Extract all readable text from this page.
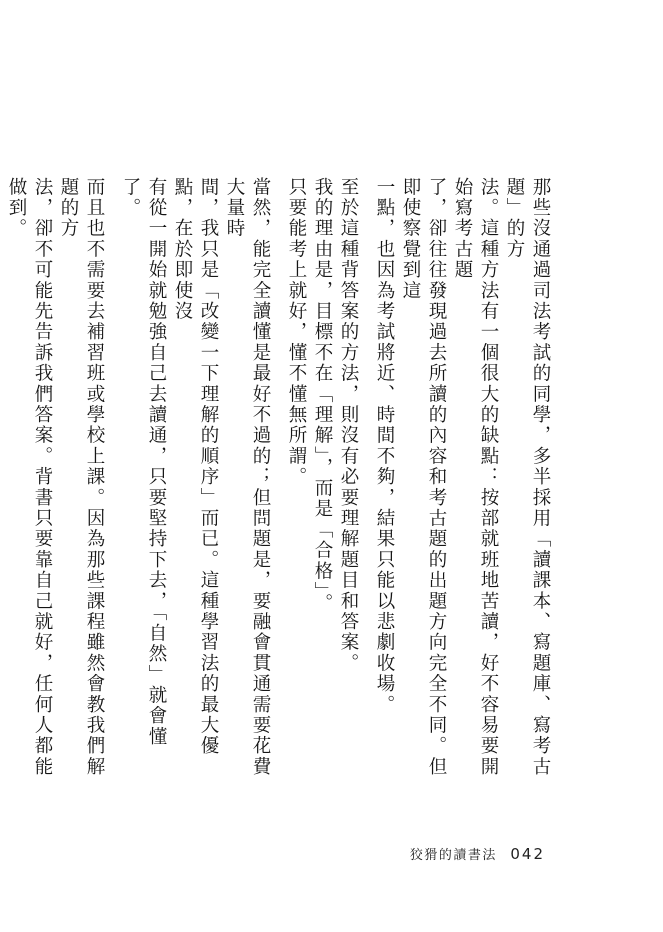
那些沒通過司法考試的同學，多半採用「讀課本、寫題庫、寫考古題」的方
法。這種方法有一個很大的缺點：按部就班地苦讀，好不容易要開始寫考古題
了，卻往往發現過去所讀的內容和考古題的出題方向完全不同。但即使察覺到這
一點，也因為考試將近、時間不夠，結果只能以悲劇收場。

至於這種背答案的方法，則沒有必要理解題目和答案。
我的理由是，目標不在「理解」，而是「合格」。
只要能考上就好，懂不懂無所謂。

當然，能完全讀懂是最好不過的；但問題是，要融會貫通需要花費大量時
間，我只是「改變一下理解的順序」而已。這種學習法的最大優點，在於即使沒
有從一開始就勉強自己去讀通，只要堅持下去，「自然」就會懂了。

而且也不需要去補習班或學校上課。因為那些課程雖然會教我們解題的方
法，卻不可能先告訴我們答案。背書只要靠自己就好，任何人都能做到。

狡猾的讀書法 042
